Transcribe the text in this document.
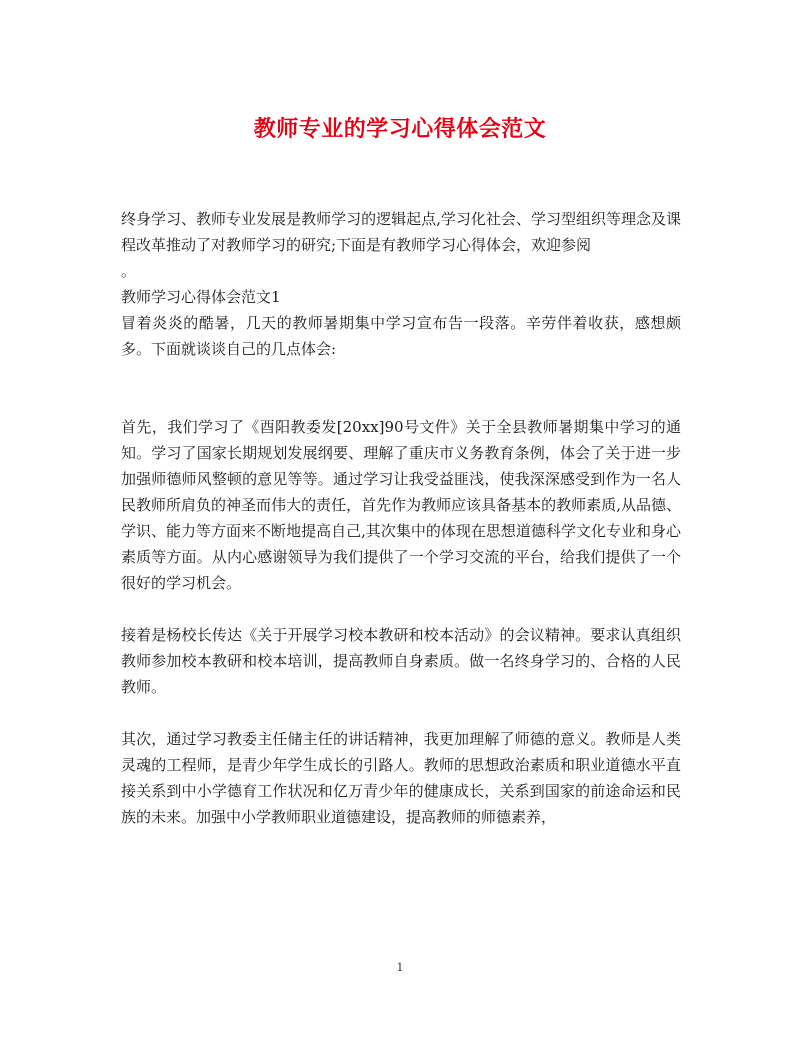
教师专业的学习心得体会范文

终身学习、教师专业发展是教师学习的逻辑起点,学习化社会、学习型组织等理念及课程改革推动了对教师学习的研究;下面是有教师学习心得体会，欢迎参阅

。

教师学习心得体会范文1

冒着炎炎的酷暑，几天的教师暑期集中学习宣布告一段落。辛劳伴着收获，感想颇多。下面就谈谈自己的几点体会:

首先，我们学习了《酉阳教委发[20xx]90号文件》关于全县教师暑期集中学习的通知。学习了国家长期规划发展纲要、理解了重庆市义务教育条例，体会了关于进一步加强师德师风整顿的意见等等。通过学习让我受益匪浅，使我深深感受到作为一名人民教师所肩负的神圣而伟大的责任，首先作为教师应该具备基本的教师素质,从品德、学识、能力等方面来不断地提高自己,其次集中的体现在思想道德科学文化专业和身心素质等方面。从内心感谢领导为我们提供了一个学习交流的平台，给我们提供了一个很好的学习机会。

接着是杨校长传达《关于开展学习校本教研和校本活动》的会议精神。要求认真组织教师参加校本教研和校本培训，提高教师自身素质。做一名终身学习的、合格的人民教师。

其次，通过学习教委主任储主任的讲话精神，我更加理解了师德的意义。教师是人类灵魂的工程师，是青少年学生成长的引路人。教师的思想政治素质和职业道德水平直接关系到中小学德育工作状况和亿万青少年的健康成长，关系到国家的前途命运和民族的未来。加强中小学教师职业道德建设，提高教师的师德素养，

1
